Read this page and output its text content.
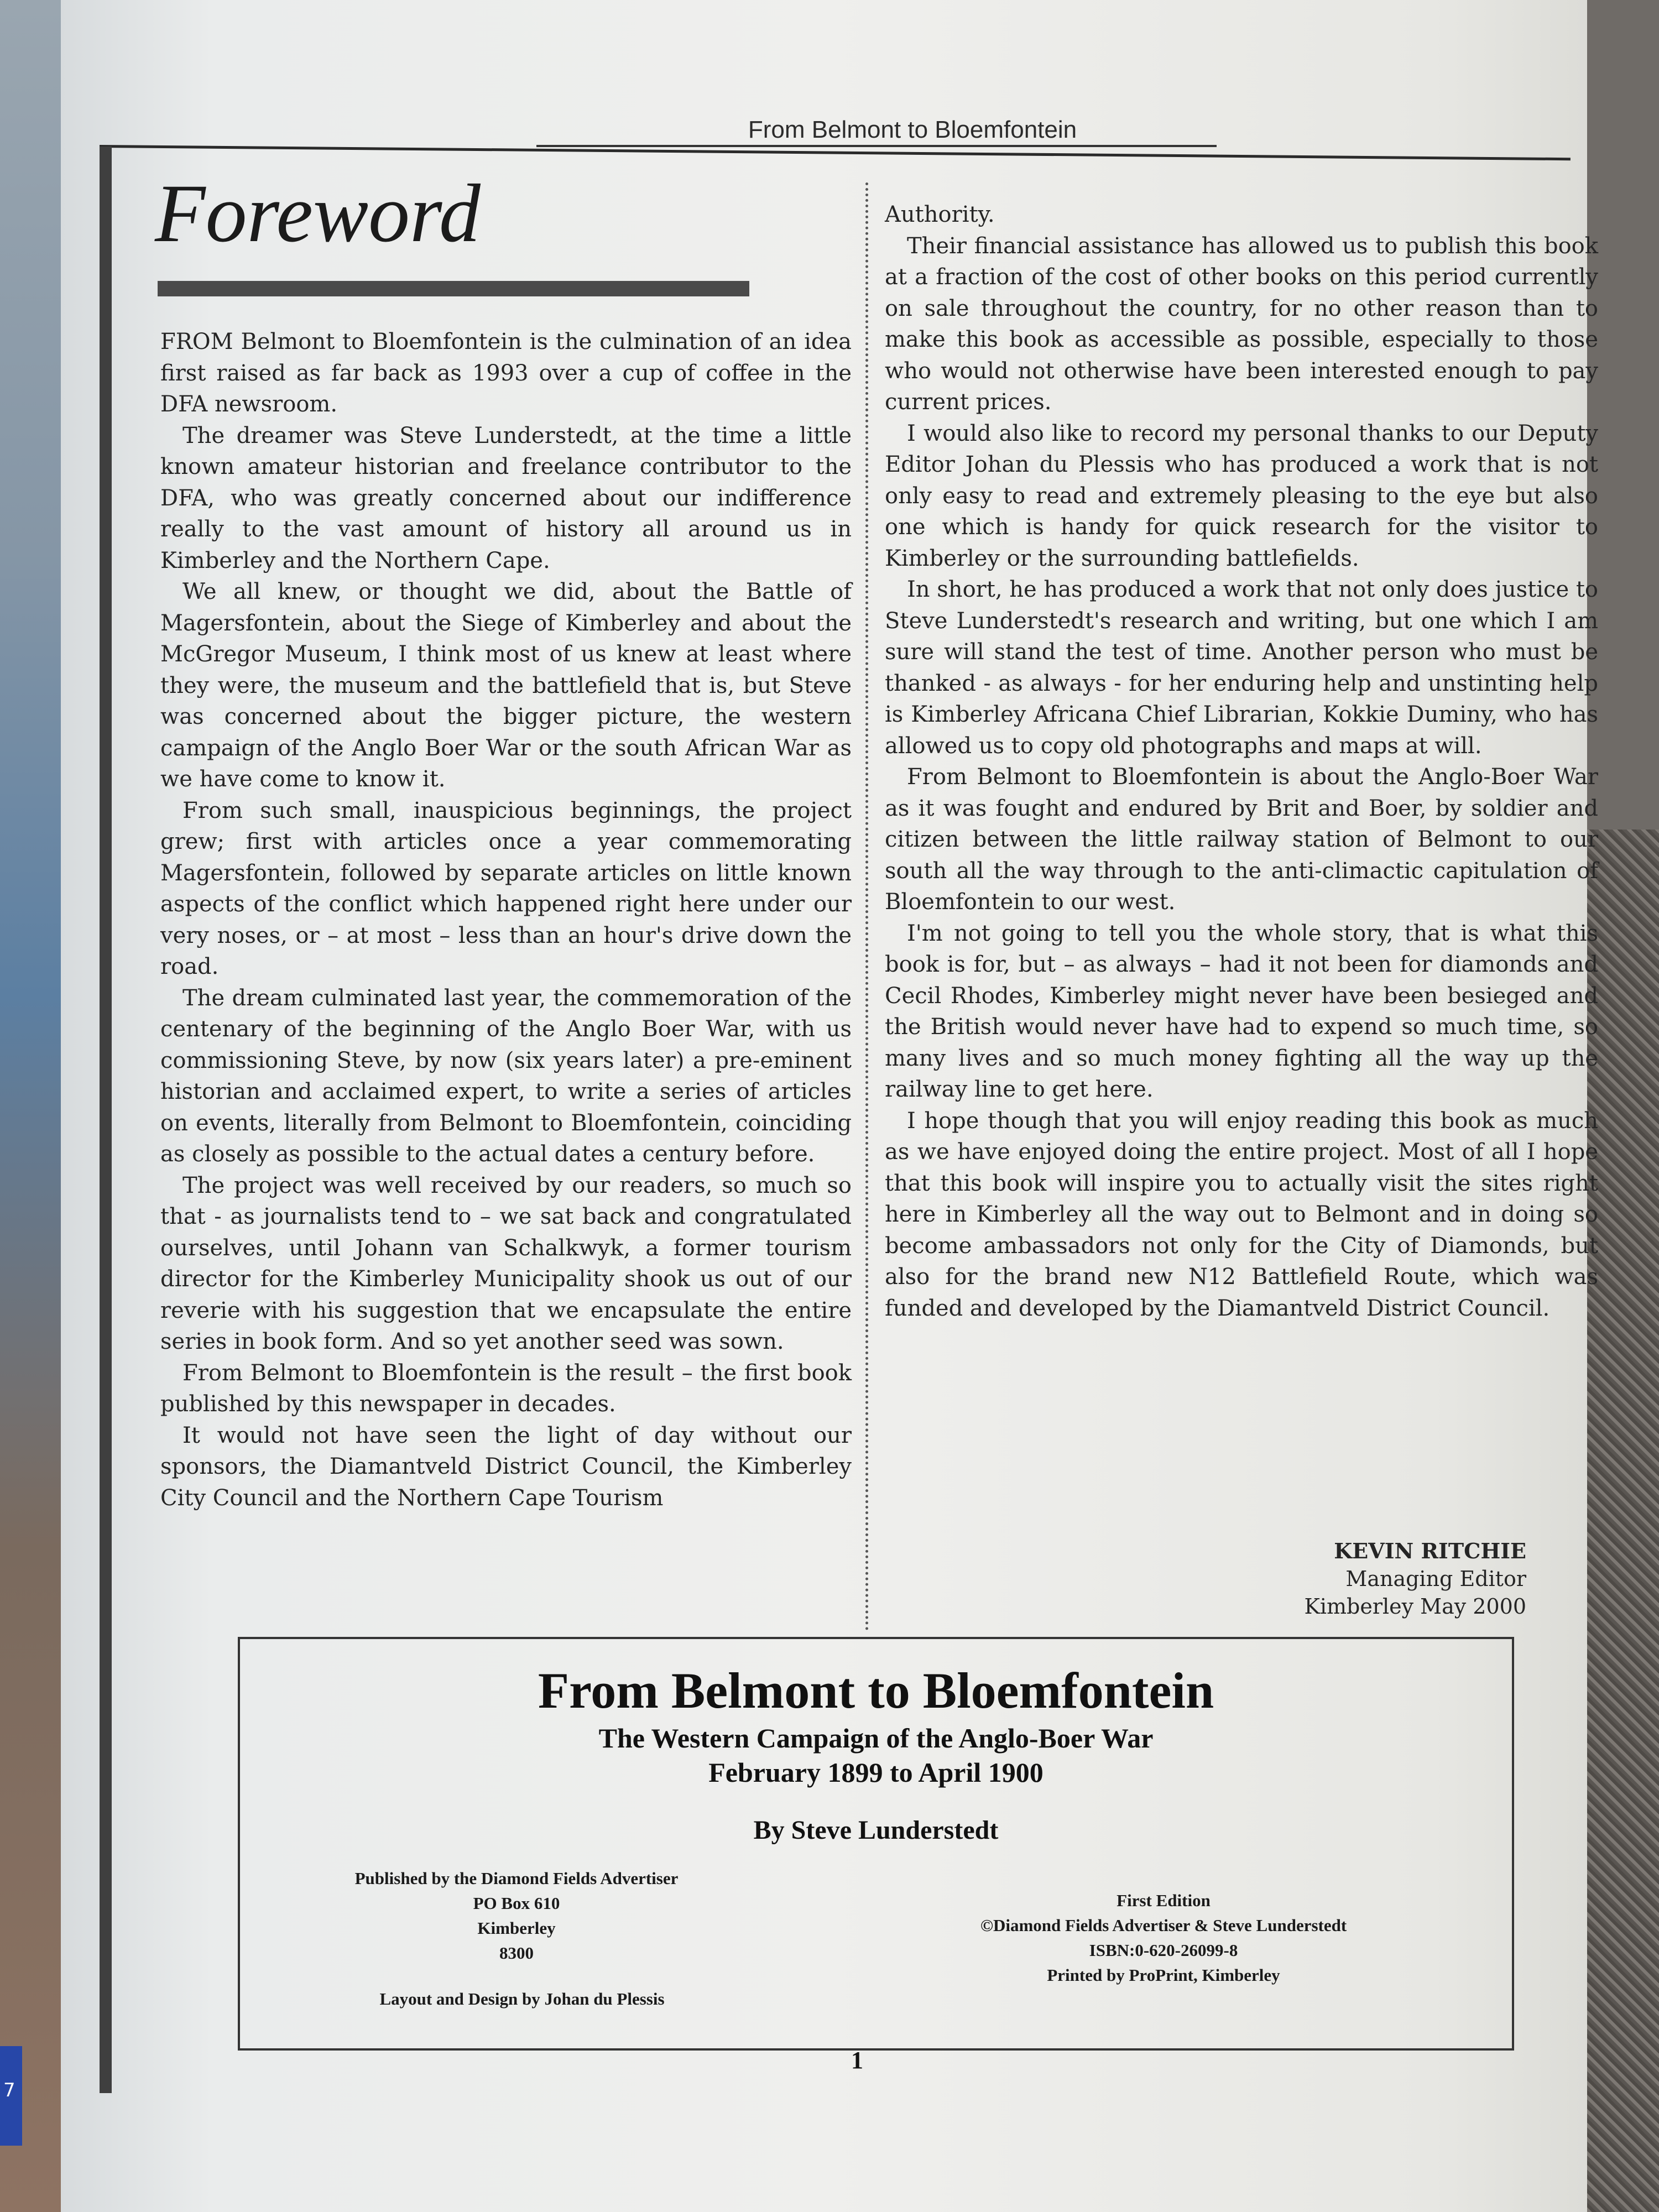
7
From Belmont to Bloemfontein
Foreword

FROM Belmont to Bloemfontein is the culmination of an idea first raised as far back as 1993 over a cup of coffee in the DFA newsroom.

The dreamer was Steve Lunderstedt, at the time a little known amateur historian and freelance contributor to the DFA, who was greatly concerned about our indifference really to the vast amount of history all around us in Kimberley and the Northern Cape.

We all knew, or thought we did, about the Battle of Magersfontein, about the Siege of Kimberley and about the McGregor Museum, I think most of us knew at least where they were, the museum and the battlefield that is, but Steve was concerned about the bigger picture, the western campaign of the Anglo Boer War or the south African War as we have come to know it.

From such small, inauspicious beginnings, the project grew; first with articles once a year commemorating Magersfontein, followed by separate articles on little known aspects of the conflict which happened right here under our very noses, or – at most – less than an hour's drive down the road.

The dream culminated last year, the commemoration of the centenary of the beginning of the Anglo Boer War, with us commissioning Steve, by now (six years later) a pre-eminent historian and acclaimed expert, to write a series of articles on events, literally from Belmont to Bloemfontein, coinciding as closely as possible to the actual dates a century before.

The project was well received by our readers, so much so that - as journalists tend to – we sat back and congratulated ourselves, until Johann van Schalkwyk, a former tourism director for the Kimberley Municipality shook us out of our reverie with his suggestion that we encapsulate the entire series in book form. And so yet another seed was sown.

From Belmont to Bloemfontein is the result – the first book published by this newspaper in decades.

It would not have seen the light of day without our sponsors, the Diamantveld District Council, the Kimberley City Council and the Northern Cape Tourism

Authority.

Their financial assistance has allowed us to publish this book at a fraction of the cost of other books on this period currently on sale throughout the country, for no other reason than to make this book as accessible as possible, especially to those who would not otherwise have been interested enough to pay current prices.

I would also like to record my personal thanks to our Deputy Editor Johan du Plessis who has produced a work that is not only easy to read and extremely pleasing to the eye but also one which is handy for quick research for the visitor to Kimberley or the surrounding battlefields.

In short, he has produced a work that not only does justice to Steve Lunderstedt's research and writing, but one which I am sure will stand the test of time. Another person who must be thanked - as always - for her enduring help and unstinting help is Kimberley Africana Chief Librarian, Kokkie Duminy, who has allowed us to copy old photographs and maps at will.

From Belmont to Bloemfontein is about the Anglo-Boer War as it was fought and endured by Brit and Boer, by soldier and citizen between the little railway station of Belmont to our south all the way through to the anti-climactic capitulation of Bloemfontein to our west.

I'm not going to tell you the whole story, that is what this book is for, but – as always – had it not been for diamonds and Cecil Rhodes, Kimberley might never have been besieged and the British would never have had to expend so much time, so many lives and so much money fighting all the way up the railway line to get here.

I hope though that you will enjoy reading this book as much as we have enjoyed doing the entire project. Most of all I hope that this book will inspire you to actually visit the sites right here in Kimberley all the way out to Belmont and in doing so become ambassadors not only for the City of Diamonds, but also for the brand new N12 Battlefield Route, which was funded and developed by the Diamantveld District Council.

KEVIN RITCHIE
Managing Editor
Kimberley May 2000
From Belmont to Bloemfontein
The Western Campaign of the Anglo-Boer War
February 1899 to April 1900
By Steve Lunderstedt
Published by the Diamond Fields Advertiser
PO Box 610
Kimberley
8300
First Edition
©Diamond Fields Advertiser & Steve Lunderstedt
ISBN:0-620-26099-8
Printed by ProPrint, Kimberley
Layout and Design by Johan du Plessis
1
